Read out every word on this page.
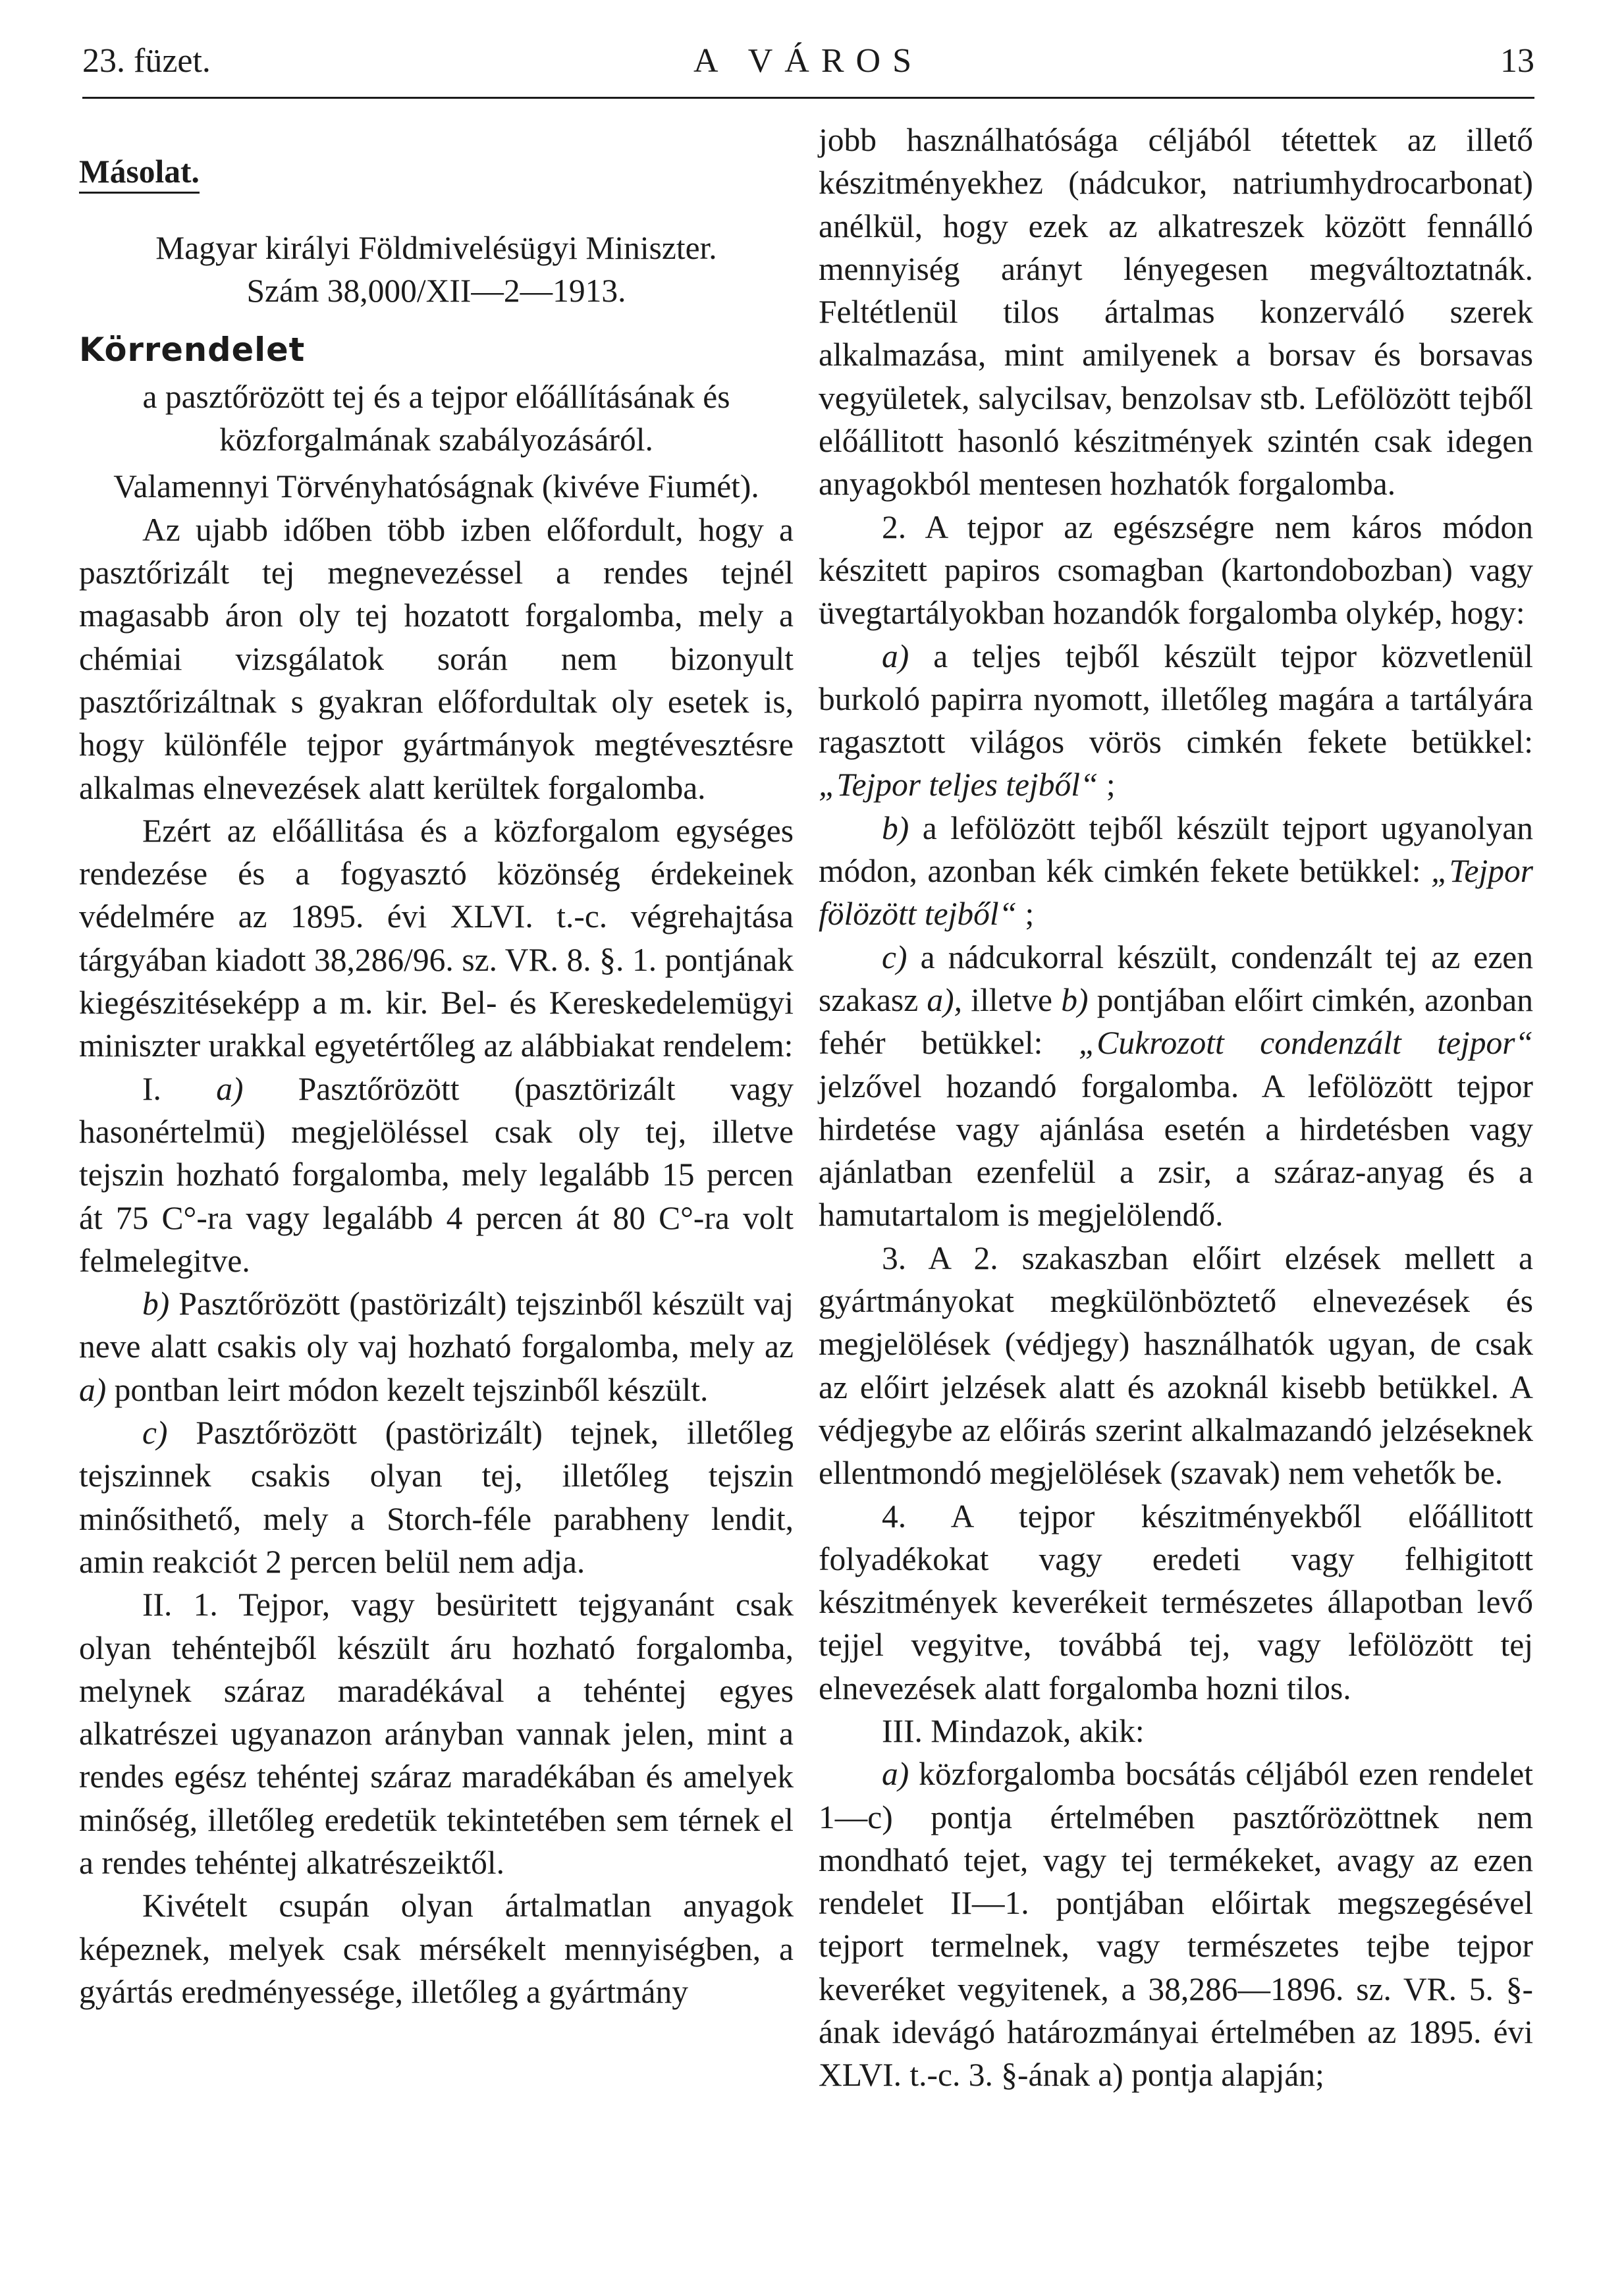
23. füzet.	A VÁROS	13

Másolat.

Magyar királyi Földmivelésügyi Miniszter.

Szám 38,000/XII—2—1913.

Körrendelet

a pasztőrözött tej és a tejpor előállításának és közforgalmának szabályozásáról.

Valamennyi Törvényhatóságnak (kivéve Fiumét).

Az ujabb időben több izben előfordult, hogy a pasztőrizált tej megnevezéssel a rendes tejnél magasabb áron oly tej hozatott forgalomba, mely a chémiai vizsgálatok során nem bizonyult pasztőrizáltnak s gyakran előfordultak oly esetek is, hogy különféle tejpor gyártmányok megtévesztésre alkalmas elnevezések alatt kerültek forgalomba.

Ezért az előállitása és a közforgalom egységes rendezése és a fogyasztó közönség érdekeinek védelmére az 1895. évi XLVI. t.-c. végrehajtása tárgyában kiadott 38,286/96. sz. VR. 8. §. 1. pontjának kiegészitéseképp a m. kir. Bel- és Kereskedelemügyi miniszter urakkal egyetértőleg az alábbiakat rendelem:

I. a) Pasztőrözött (pasztörizált vagy hasonértelmü) megjelöléssel csak oly tej, illetve tejszin hozható forgalomba, mely legalább 15 percen át 75 C°-ra vagy legalább 4 percen át 80 C°-ra volt felmelegitve.

b) Pasztőrözött (pastörizált) tejszinből készült vaj neve alatt csakis oly vaj hozható forgalomba, mely az a) pontban leirt módon kezelt tejszinből készült.

c) Pasztőrözött (pastörizált) tejnek, illetőleg tejszinnek csakis olyan tej, illetőleg tejszin minősithető, mely a Storch-féle parabheny lendit, amin reakciót 2 percen belül nem adja.

II. 1. Tejpor, vagy besüritett tejgyanánt csak olyan tehéntejből készült áru hozható forgalomba, melynek száraz maradékával a tehéntej egyes alkatrészei ugyanazon arányban vannak jelen, mint a rendes egész tehéntej száraz maradékában és amelyek minőség, illetőleg eredetük tekintetében sem térnek el a rendes tehéntej alkatrészeiktől.

Kivételt csupán olyan ártalmatlan anyagok képeznek, melyek csak mérsékelt mennyiségben, a gyártás eredményessége, illetőleg a gyártmány

jobb használhatósága céljából tétettek az illető készitményekhez (nádcukor, natriumhydrocarbonat) anélkül, hogy ezek az alkatreszek között fennálló mennyiség arányt lényegesen megváltoztatnák. Feltétlenül tilos ártalmas konzerváló szerek alkalmazása, mint amilyenek a borsav és borsavas vegyületek, salycilsav, benzolsav stb. Lefölözött tejből előállitott hasonló készitmények szintén csak idegen anyagokból mentesen hozhatók forgalomba.

2. A tejpor az egészségre nem káros módon készitett papiros csomagban (kartondobozban) vagy üvegtartályokban hozandók forgalomba olykép, hogy:

a) a teljes tejből készült tejpor közvetlenül burkoló papirra nyomott, illetőleg magára a tartályára ragasztott világos vörös cimkén fekete betükkel: „Tejpor teljes tejből“ ;

b) a lefölözött tejből készült tejport ugyanolyan módon, azonban kék cimkén fekete betükkel: „Tejpor fölözött tejből“ ;

c) a nádcukorral készült, condenzált tej az ezen szakasz a), illetve b) pontjában előirt cimkén, azonban fehér betükkel: „Cukrozott condenzált tejpor“ jelzővel hozandó forgalomba. A lefölözött tejpor hirdetése vagy ajánlása esetén a hirdetésben vagy ajánlatban ezenfelül a zsir, a száraz-anyag és a hamutartalom is megjelölendő.

3. A 2. szakaszban előirt elzések mellett a gyártmányokat megkülönböztető elnevezések és megjelölések (védjegy) használhatók ugyan, de csak az előirt jelzések alatt és azoknál kisebb betükkel. A védjegybe az előirás szerint alkalmazandó jelzéseknek ellentmondó megjelölések (szavak) nem vehetők be.

4. A tejpor készitményekből előállitott folyadékokat vagy eredeti vagy felhigitott készitmények keverékeit természetes állapotban levő tejjel vegyitve, továbbá tej, vagy lefölözött tej elnevezések alatt forgalomba hozni tilos.

III. Mindazok, akik:

a) közforgalomba bocsátás céljából ezen rendelet 1—c) pontja értelmében pasztőrözöttnek nem mondható tejet, vagy tej termékeket, avagy az ezen rendelet II—1. pontjában előirtak megszegésével tejport termelnek, vagy természetes tejbe tejpor keveréket vegyitenek, a 38,286—1896. sz. VR. 5. §-ának idevágó határozmányai értelmében az 1895. évi XLVI. t.-c. 3. §-ának a) pontja alapján;
